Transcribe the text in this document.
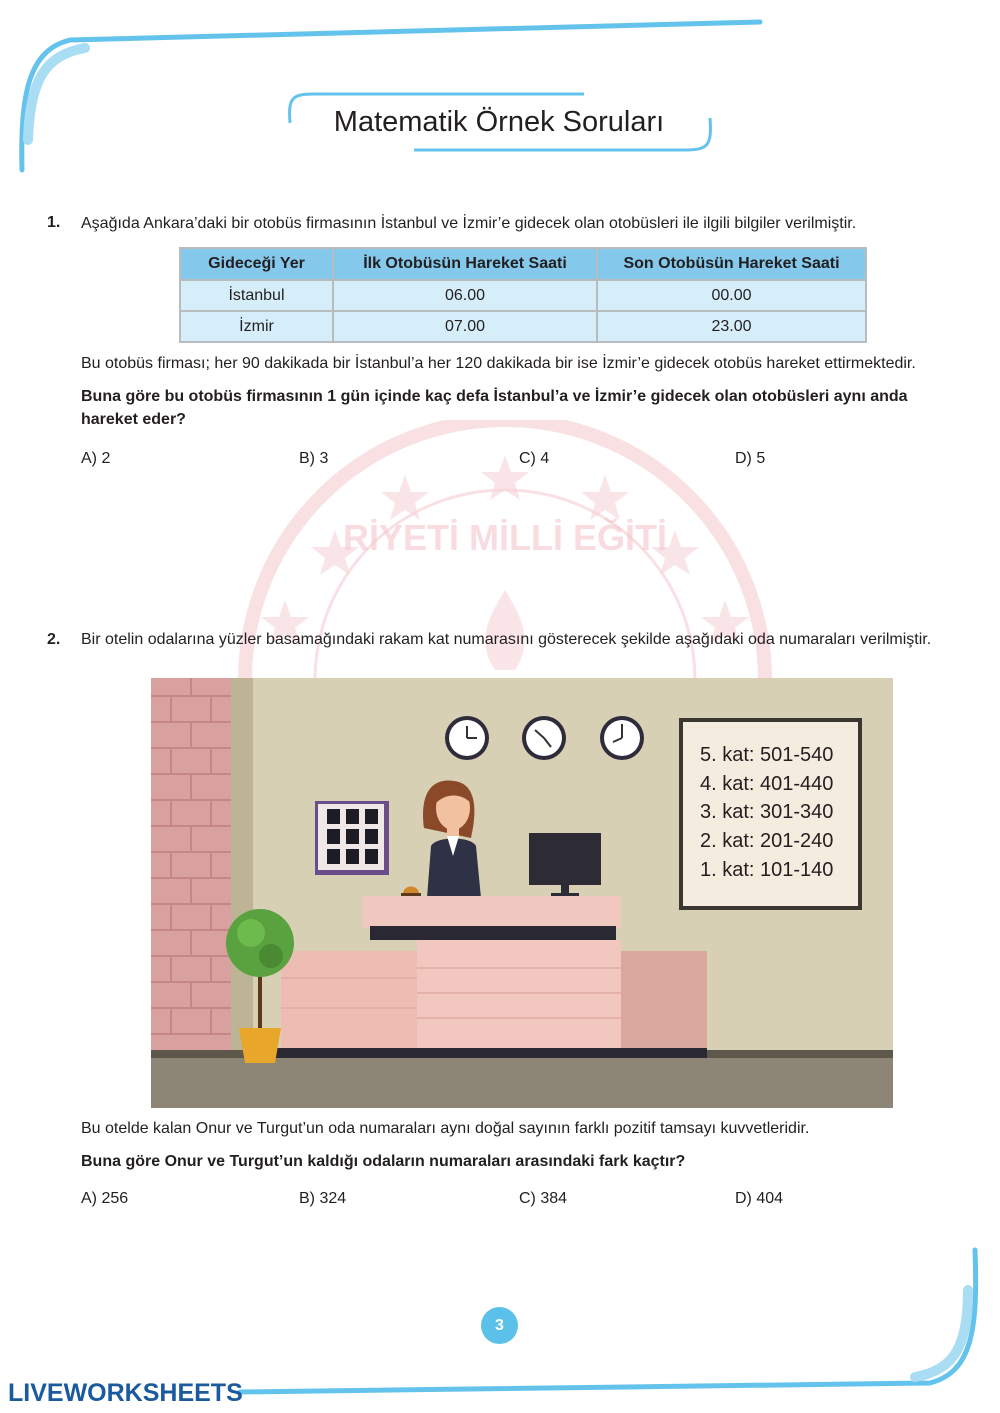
RİYETİ MİLLİ EĞİTİ
Matematik Örnek Soruları
1. Aşağıda Ankara’daki bir otobüs firmasının İstanbul ve İzmir’e gidecek olan otobüsleri ile ilgili bilgiler verilmiştir.
Gideceği Yer	İlk Otobüsün Hareket Saati	Son Otobüsün Hareket Saati
İstanbul	06.00	00.00
İzmir	07.00	23.00
Bu otobüs firması; her 90 dakikada bir İstanbul’a her 120 dakikada bir ise İzmir’e gidecek otobüs hareket ettirmektedir.
Buna göre bu otobüs firmasının 1 gün içinde kaç defa İstanbul’a ve İzmir’e gidecek olan otobüsleri aynı anda
hareket eder?
A) 2	B) 3	C) 4	D) 5
2. Bir otelin odalarına yüzler basamağındaki rakam kat numarasını gösterecek şekilde aşağıdaki oda numaraları verilmiştir.
5. kat: 501-540
4. kat: 401-440
3. kat: 301-340
2. kat: 201-240
1. kat: 101-140
Bu otelde kalan Onur ve Turgut’un oda numaraları aynı doğal sayının farklı pozitif tamsayı kuvvetleridir.
Buna göre Onur ve Turgut’un kaldığı odaların numaraları arasındaki fark kaçtır?
A) 256	B) 324	C) 384	D) 404
3
LIVEWORKSHEETS
